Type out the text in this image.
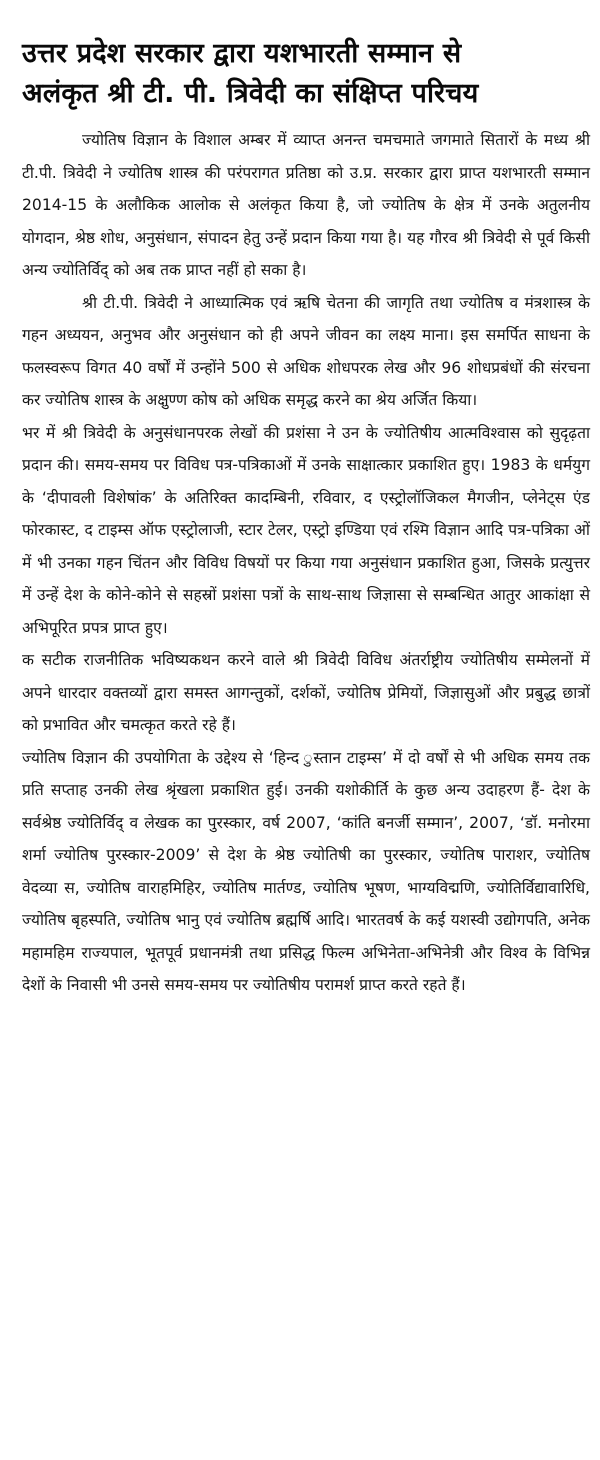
उत्तर प्रदेश सरकार द्वारा यशभारती सम्मान से
अलंकृत श्री टी. पी. त्रिवेदी का संक्षिप्त परिचय

ज्योतिष विज्ञान के विशाल अम्बर में व्याप्त अनन्त चमचमाते जगमाते सितारों के मध्य श्री टी.पी. त्रिवेदी ने ज्योतिष शास्त्र की परंपरागत प्रतिष्ठा को उ.प्र. सरकार द्वारा प्राप्त यशभारती सम्मान 2014-15 के अलौकिक आलोक से अलंकृत किया है, जो ज्योतिष के क्षेत्र में उनके अतुलनीय योगदान, श्रेष्ठ शोध, अनुसंधान, संपादन हेतु उन्हें प्रदान किया गया है। यह गौरव श्री त्रिवेदी से पूर्व किसी अन्य ज्योतिर्विद् को अब तक प्राप्त नहीं हो सका है।

श्री टी.पी. त्रिवेदी ने आध्यात्मिक एवं ऋषि चेतना की जागृति तथा ज्योतिष व मंत्रशास्त्र के गहन अध्ययन, अनुभव और अनुसंधान को ही अपने जीवन का लक्ष्य माना। इस समर्पित साधना के फलस्वरूप विगत 40 वर्षों में उन्होंने 500 से अधिक शोधपरक लेख और 96 शोधप्रबंधों की संरचना कर ज्योतिष शास्त्र के अक्षुण्ण कोष को अधिक समृद्ध करने का श्रेय अर्जित किया।

भर में श्री त्रिवेदी के अनुसंधानपरक लेखों की प्रशंसा ने उन के ज्योतिषीय आत्मविश्वास को सुदृढ़ता प्रदान की। समय-समय पर विविध पत्र-पत्रिकाओं में उनके साक्षात्कार प्रकाशित हुए। 1983 के धर्मयुग के ‘दीपावली विशेषांक’ के अतिरिक्त कादम्बिनी, रविवार, द एस्ट्रोलॉजिकल मैगजीन, प्लेनेट्स एंड फोरकास्ट, द टाइम्स ऑफ एस्ट्रोलाजी, स्टार टेलर, एस्ट्रो इण्डिया एवं रश्मि विज्ञान आदि पत्र-पत्रिका ओं में भी उनका गहन चिंतन और विविध विषयों पर किया गया अनुसंधान प्रकाशित हुआ, जिसके प्रत्युत्तर में उन्हें देश के कोने-कोने से सहस्रों प्रशंसा पत्रों के साथ-साथ जिज्ञासा से सम्बन्धित आतुर आकांक्षा से अभिपूरित प्रपत्र प्राप्त हुए।

क सटीक राजनीतिक भविष्यकथन करने वाले श्री त्रिवेदी विविध अंतर्राष्ट्रीय ज्योतिषीय सम्मेलनों में अपने धारदार वक्तव्यों द्वारा समस्त आगन्तुकों, दर्शकों, ज्योतिष प्रेमियों, जिज्ञासुओं और प्रबुद्ध छात्रों को प्रभावित और चमत्कृत करते रहे हैं।

ज्योतिष विज्ञान की उपयोगिता के उद्देश्य से ‘हिन्द ुस्तान टाइम्स’ में दो वर्षों से भी अधिक समय तक प्रति सप्ताह उनकी लेख श्रृंखला प्रकाशित हुई। उनकी यशोकीर्ति के कुछ अन्य उदाहरण हैं- देश के सर्वश्रेष्ठ ज्योतिर्विद् व लेखक का पुरस्कार, वर्ष 2007, ‘कांति बनर्जी सम्मान’, 2007, ‘डॉ. मनोरमा शर्मा ज्योतिष पुरस्कार-2009’ से देश के श्रेष्ठ ज्योतिषी का पुरस्कार, ज्योतिष पाराशर, ज्योतिष वेदव्या स, ज्योतिष वाराहमिहिर, ज्योतिष मार्तण्ड, ज्योतिष भूषण, भाग्यविद्मणि, ज्योतिर्विद्यावारिधि, ज्योतिष बृहस्पति, ज्योतिष भानु एवं ज्योतिष ब्रह्मर्षि आदि। भारतवर्ष के कई यशस्वी उद्योगपति, अनेक महामहिम राज्यपाल, भूतपूर्व प्रधानमंत्री तथा प्रसिद्ध फिल्म अभिनेता-अभिनेत्री और विश्व के विभिन्न देशों के निवासी भी उनसे समय-समय पर ज्योतिषीय परामर्श प्राप्त करते रहते हैं।
